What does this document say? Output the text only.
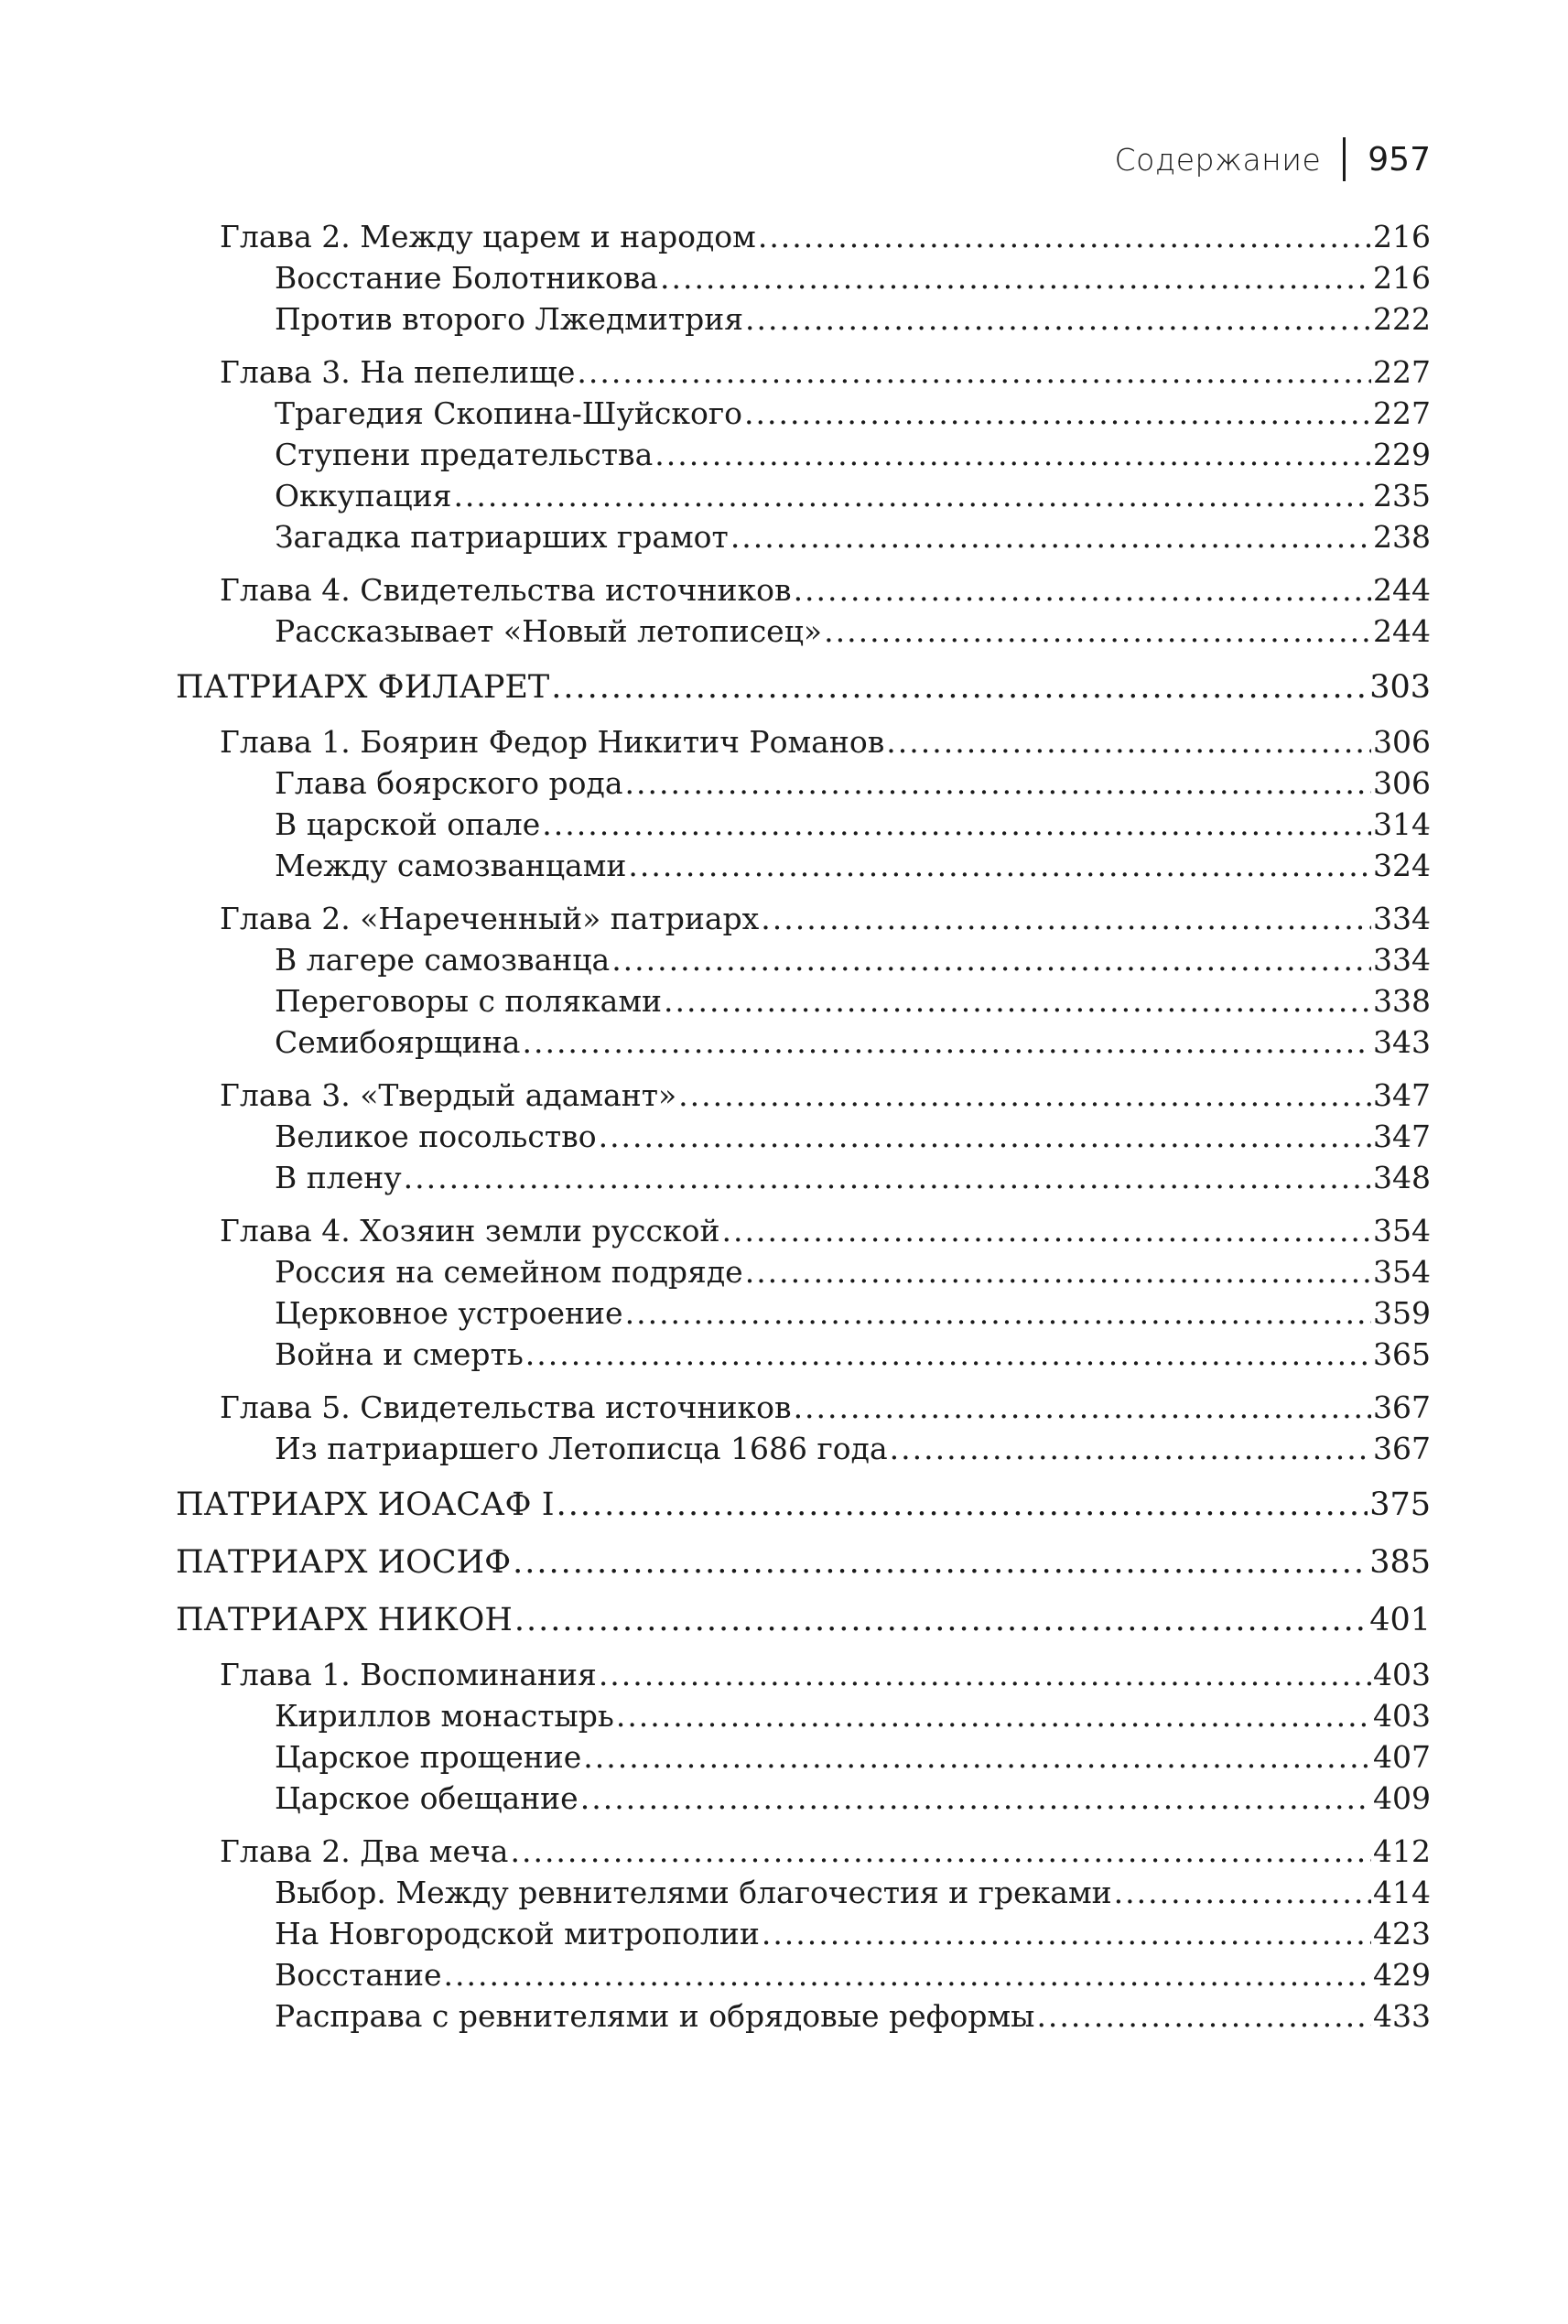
Содержание 957
Глава 2. Между царем и народом .....	216
Восстание Болотникова .....	216
Против второго Лжедмитрия .....	222
Глава 3. На пепелище .....	227
Трагедия Скопина-Шуйского .....	227
Ступени предательства .....	229
Оккупация .....	235
Загадка патриарших грамот .....	238
Глава 4. Свидетельства источников .....	244
Рассказывает «Новый летописец» .....	244
ПАТРИАРХ ФИЛАРЕТ .....	303
Глава 1. Боярин Федор Никитич Романов .....	306
Глава боярского рода .....	306
В царской опале .....	314
Между самозванцами .....	324
Глава 2. «Нареченный» патриарх .....	334
В лагере самозванца .....	334
Переговоры с поляками .....	338
Семибоярщина .....	343
Глава 3. «Твердый адамант» .....	347
Великое посольство .....	347
В плену .....	348
Глава 4. Хозяин земли русской .....	354
Россия на семейном подряде .....	354
Церковное устроение .....	359
Война и смерть .....	365
Глава 5. Свидетельства источников .....	367
Из патриаршего Летописца 1686 года .....	367
ПАТРИАРХ ИОАСАФ I .....	375
ПАТРИАРХ ИОСИФ .....	385
ПАТРИАРХ НИКОН .....	401
Глава 1. Воспоминания .....	403
Кириллов монастырь .....	403
Царское прощение .....	407
Царское обещание .....	409
Глава 2. Два меча .....	412
Выбор. Между ревнителями благочестия и греками .....	414
На Новгородской митрополии .....	423
Восстание .....	429
Расправа с ревнителями и обрядовые реформы .....	433
